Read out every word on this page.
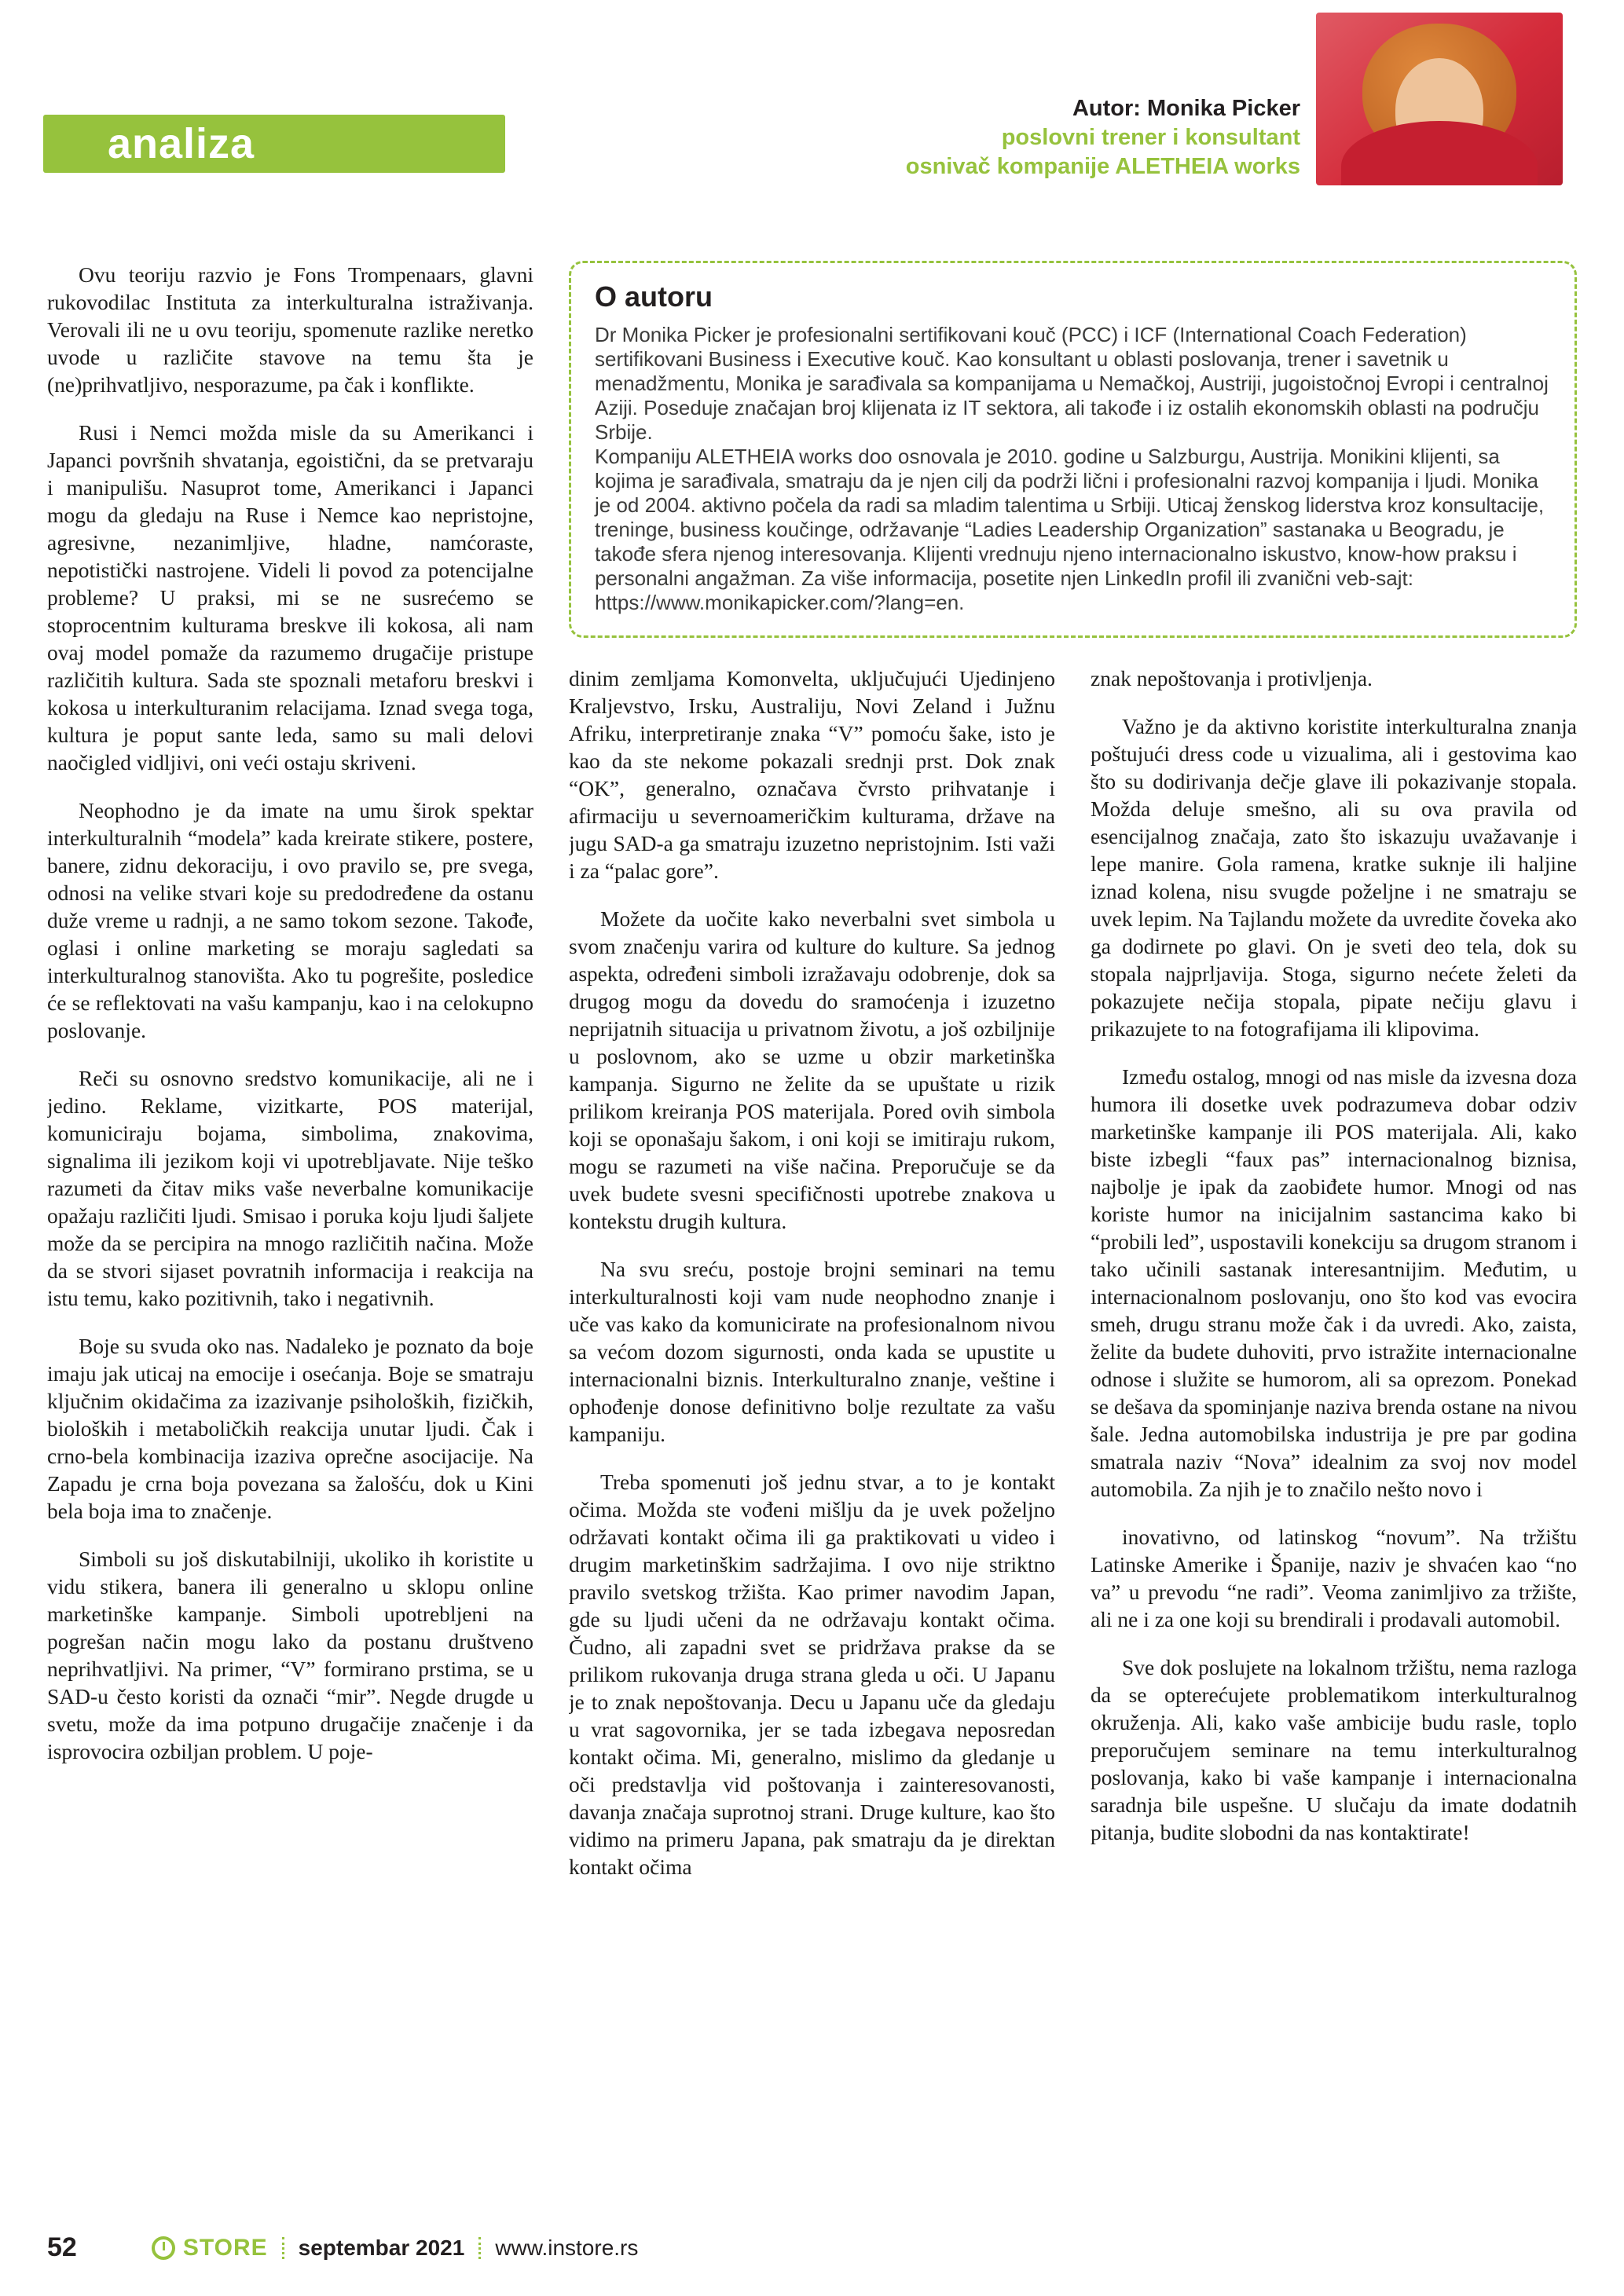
analiza
Autor: Monika Picker
poslovni trener i konsultant
osnivač kompanije ALETHEIA works

Ovu teoriju razvio je Fons Trompenaars, glavni rukovodilac Instituta za interkulturalna istraživanja. Verovali ili ne u ovu teoriju, spomenute razlike neretko uvode u različite stavove na temu šta je (ne)prihvatljivo, nesporazume, pa čak i konflikte.

Rusi i Nemci možda misle da su Amerikanci i Japanci površnih shvatanja, egoistični, da se pretvaraju i manipulišu. Nasuprot tome, Amerikanci i Japanci mogu da gledaju na Ruse i Nemce kao nepristojne, agresivne, nezanimljive, hladne, namćoraste, nepotistički nastrojene. Videli li povod za potencijalne probleme? U praksi, mi se ne susrećemo se stoprocentnim kulturama breskve ili kokosa, ali nam ovaj model pomaže da razumemo drugačije pristupe različitih kultura. Sada ste spoznali metaforu breskvi i kokosa u interkulturanim relacijama. Iznad svega toga, kultura je poput sante leda, samo su mali delovi naočigled vidljivi, oni veći ostaju skriveni.

Neophodno je da imate na umu širok spektar interkulturalnih “modela” kada kreirate stikere, postere, banere, zidnu dekoraciju, i ovo pravilo se, pre svega, odnosi na velike stvari koje su predodređene da ostanu duže vreme u radnji, a ne samo tokom sezone. Takođe, oglasi i online marketing se moraju sagledati sa interkulturalnog stanovišta. Ako tu pogrešite, posledice će se reflektovati na vašu kampanju, kao i na celokupno poslovanje.

Reči su osnovno sredstvo komunikacije, ali ne i jedino. Reklame, vizitkarte, POS materijal, komuniciraju bojama, simbolima, znakovima, signalima ili jezikom koji vi upotrebljavate. Nije teško razumeti da čitav miks vaše neverbalne komunikacije opažaju različiti ljudi. Smisao i poruka koju ljudi šaljete može da se percipira na mnogo različitih načina. Može da se stvori sijaset povratnih informacija i reakcija na istu temu, kako pozitivnih, tako i negativnih.

Boje su svuda oko nas. Nadaleko je poznato da boje imaju jak uticaj na emocije i osećanja. Boje se smatraju ključnim okidačima za izazivanje psiholoških, fizičkih, bioloških i metaboličkih reakcija unutar ljudi. Čak i crno-bela kombinacija izaziva oprečne asocijacije. Na Zapadu je crna boja povezana sa žalošću, dok u Kini bela boja ima to značenje.

Simboli su još diskutabilniji, ukoliko ih koristite u vidu stikera, banera ili generalno u sklopu online marketinške kampanje. Simboli upotrebljeni na pogrešan način mogu lako da postanu društveno neprihvatljivi. Na primer, “V” formirano prstima, se u SAD-u često koristi da označi “mir”. Negde drugde u svetu, može da ima potpuno drugačije značenje i da isprovocira ozbiljan problem. U poje-

O autoru

Dr Monika Picker je profesionalni sertifikovani kouč (PCC) i ICF (International Coach Federation) sertifikovani Business i Executive kouč. Kao konsultant u oblasti poslovanja, trener i savetnik u menadžmentu, Monika je sarađivala sa kompanijama u Nemačkoj, Austriji, jugoistočnoj Evropi i centralnoj Aziji. Poseduje značajan broj klijenata iz IT sektora, ali takođe i iz ostalih ekonomskih oblasti na području Srbije.

Kompaniju ALETHEIA works doo osnovala je 2010. godine u Salzburgu, Austrija. Monikini klijenti, sa kojima je sarađivala, smatraju da je njen cilj da podrži lični i profesionalni razvoj kompanija i ljudi. Monika je od 2004. aktivno počela da radi sa mladim talentima u Srbiji. Uticaj ženskog liderstva kroz konsultacije, treninge, business koučinge, održavanje “Ladies Leadership Organization” sastanaka u Beogradu, je takođe sfera njenog interesovanja. Klijenti vrednuju njeno internacionalno iskustvo, know-how praksu i personalni angažman. Za više informacija, posetite njen LinkedIn profil ili zvanični veb-sajt: https://www.monikapicker.com/?lang=en.

dinim zemljama Komonvelta, uključujući Ujedinjeno Kraljevstvo, Irsku, Australiju, Novi Zeland i Južnu Afriku, interpretiranje znaka “V” pomoću šake, isto je kao da ste nekome pokazali srednji prst. Dok znak “OK”, generalno, označava čvrsto prihvatanje i afirmaciju u severnoameričkim kulturama, države na jugu SAD-a ga smatraju izuzetno nepristojnim. Isti važi i za “palac gore”.

Možete da uočite kako neverbalni svet simbola u svom značenju varira od kulture do kulture. Sa jednog aspekta, određeni simboli izražavaju odobrenje, dok sa drugog mogu da dovedu do sramoćenja i izuzetno neprijatnih situacija u privatnom životu, a još ozbiljnije u poslovnom, ako se uzme u obzir marketinška kampanja. Sigurno ne želite da se upuštate u rizik prilikom kreiranja POS materijala. Pored ovih simbola koji se oponašaju šakom, i oni koji se imitiraju rukom, mogu se razumeti na više načina. Preporučuje se da uvek budete svesni specifičnosti upotrebe znakova u kontekstu drugih kultura.

Na svu sreću, postoje brojni seminari na temu interkulturalnosti koji vam nude neophodno znanje i uče vas kako da komunicirate na profesionalnom nivou sa većom dozom sigurnosti, onda kada se upustite u internacionalni biznis. Interkulturalno znanje, veštine i ophođenje donose definitivno bolje rezultate za vašu kampaniju.

Treba spomenuti još jednu stvar, a to je kontakt očima. Možda ste vođeni mišlju da je uvek poželjno održavati kontakt očima ili ga praktikovati u video i drugim marketinškim sadržajima. I ovo nije striktno pravilo svetskog tržišta. Kao primer navodim Japan, gde su ljudi učeni da ne održavaju kontakt očima. Čudno, ali zapadni svet se pridržava prakse da se prilikom rukovanja druga strana gleda u oči. U Japanu je to znak nepoštovanja. Decu u Japanu uče da gledaju u vrat sagovornika, jer se tada izbegava neposredan kontakt očima. Mi, generalno, mislimo da gledanje u oči predstavlja vid poštovanja i zainteresovanosti, davanja značaja suprotnoj strani. Druge kulture, kao što vidimo na primeru Japana, pak smatraju da je direktan kontakt očima

znak nepoštovanja i protivljenja.

Važno je da aktivno koristite interkulturalna znanja poštujući dress code u vizualima, ali i gestovima kao što su dodirivanja dečje glave ili pokazivanje stopala. Možda deluje smešno, ali su ova pravila od esencijalnog značaja, zato što iskazuju uvažavanje i lepe manire. Gola ramena, kratke suknje ili haljine iznad kolena, nisu svugde poželjne i ne smatraju se uvek lepim. Na Tajlandu možete da uvredite čoveka ako ga dodirnete po glavi. On je sveti deo tela, dok su stopala najprljavija. Stoga, sigurno nećete želeti da pokazujete nečija stopala, pipate nečiju glavu i prikazujete to na fotografijama ili klipovima.

Između ostalog, mnogi od nas misle da izvesna doza humora ili dosetke uvek podrazumeva dobar odziv marketinške kampanje ili POS materijala. Ali, kako biste izbegli “faux pas” internacionalnog biznisa, najbolje je ipak da zaobiđete humor. Mnogi od nas koriste humor na inicijalnim sastancima kako bi “probili led”, uspostavili konekciju sa drugom stranom i tako učinili sastanak interesantnijim. Međutim, u internacionalnom poslovanju, ono što kod vas evocira smeh, drugu stranu može čak i da uvredi. Ako, zaista, želite da budete duhoviti, prvo istražite internacionalne odnose i služite se humorom, ali sa oprezom. Ponekad se dešava da spominjanje naziva brenda ostane na nivou šale. Jedna automobilska industrija je pre par godina smatrala naziv “Nova” idealnim za svoj nov model automobila. Za njih je to značilo nešto novo i

inovativno, od latinskog “novum”. Na tržištu Latinske Amerike i Španije, naziv je shvaćen kao “no va” u prevodu “ne radi”. Veoma zanimljivo za tržište, ali ne i za one koji su brendirali i prodavali automobil.

Sve dok poslujete na lokalnom tržištu, nema razloga da se opterećujete problematikom interkulturalnog okruženja. Ali, kako vaše ambicije budu rasle, toplo preporučujem seminare na temu interkulturalnog poslovanja, kako bi vaše kampanje i internacionalna saradnja bile uspešne. U slučaju da imate dodatnih pitanja, budite slobodni da nas kontaktirate!

52	STORE septembar 2021 www.instore.rs
